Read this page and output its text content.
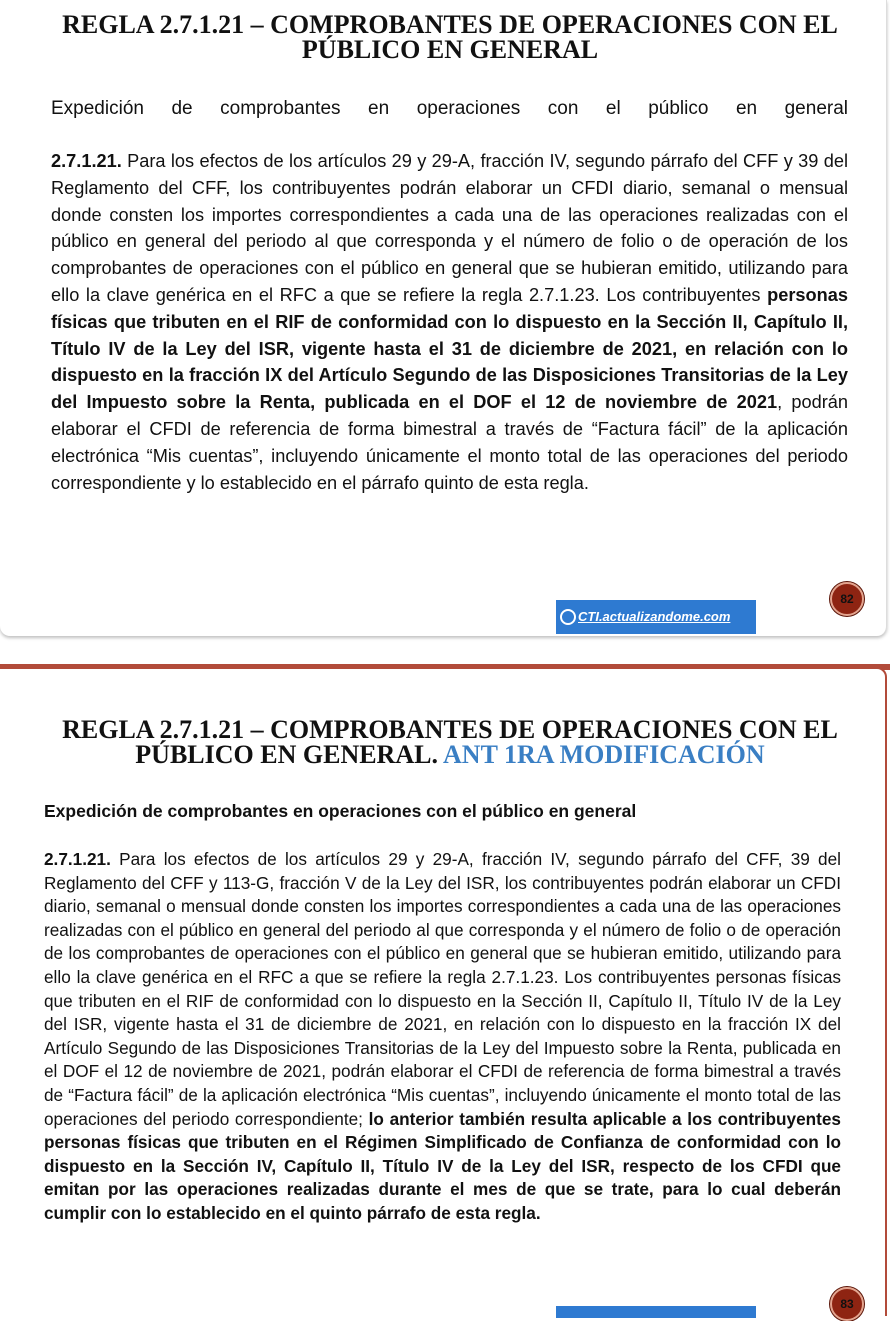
REGLA 2.7.1.21 – COMPROBANTES DE OPERACIONES CON EL
PÚBLICO EN GENERAL
Expedición de comprobantes en operaciones con el público en general
2.7.1.21. Para los efectos de los artículos 29 y 29-A, fracción IV, segundo párrafo del CFF y 39 del Reglamento del CFF, los contribuyentes podrán elaborar un CFDI diario, semanal o mensual donde consten los importes correspondientes a cada una de las operaciones realizadas con el público en general del periodo al que corresponda y el número de folio o de operación de los comprobantes de operaciones con el público en general que se hubieran emitido, utilizando para ello la clave genérica en el RFC a que se refiere la regla 2.7.1.23. Los contribuyentes personas físicas que tributen en el RIF de conformidad con lo dispuesto en la Sección II, Capítulo II, Título IV de la Ley del ISR, vigente hasta el 31 de diciembre de 2021, en relación con lo dispuesto en la fracción IX del Artículo Segundo de las Disposiciones Transitorias de la Ley del Impuesto sobre la Renta, publicada en el DOF el 12 de noviembre de 2021, podrán elaborar el CFDI de referencia de forma bimestral a través de “Factura fácil” de la aplicación electrónica “Mis cuentas”, incluyendo únicamente el monto total de las operaciones del periodo correspondiente y lo establecido en el párrafo quinto de esta regla.
82
CTI.actualizandome.com
REGLA 2.7.1.21 – COMPROBANTES DE OPERACIONES CON EL
PÚBLICO EN GENERAL. ANT 1RA MODIFICACIÓN
Expedición de comprobantes en operaciones con el público en general
2.7.1.21. Para los efectos de los artículos 29 y 29-A, fracción IV, segundo párrafo del CFF, 39 del Reglamento del CFF y 113-G, fracción V de la Ley del ISR, los contribuyentes podrán elaborar un CFDI diario, semanal o mensual donde consten los importes correspondientes a cada una de las operaciones realizadas con el público en general del periodo al que corresponda y el número de folio o de operación de los comprobantes de operaciones con el público en general que se hubieran emitido, utilizando para ello la clave genérica en el RFC a que se refiere la regla 2.7.1.23. Los contribuyentes personas físicas que tributen en el RIF de conformidad con lo dispuesto en la Sección II, Capítulo II, Título IV de la Ley del ISR, vigente hasta el 31 de diciembre de 2021, en relación con lo dispuesto en la fracción IX del Artículo Segundo de las Disposiciones Transitorias de la Ley del Impuesto sobre la Renta, publicada en el DOF el 12 de noviembre de 2021, podrán elaborar el CFDI de referencia de forma bimestral a través de “Factura fácil” de la aplicación electrónica “Mis cuentas”, incluyendo únicamente el monto total de las operaciones del periodo correspondiente; lo anterior también resulta aplicable a los contribuyentes personas físicas que tributen en el Régimen Simplificado de Confianza de conformidad con lo dispuesto en la Sección IV, Capítulo II, Título IV de la Ley del ISR, respecto de los CFDI que emitan por las operaciones realizadas durante el mes de que se trate, para lo cual deberán cumplir con lo establecido en el quinto párrafo de esta regla.
83
